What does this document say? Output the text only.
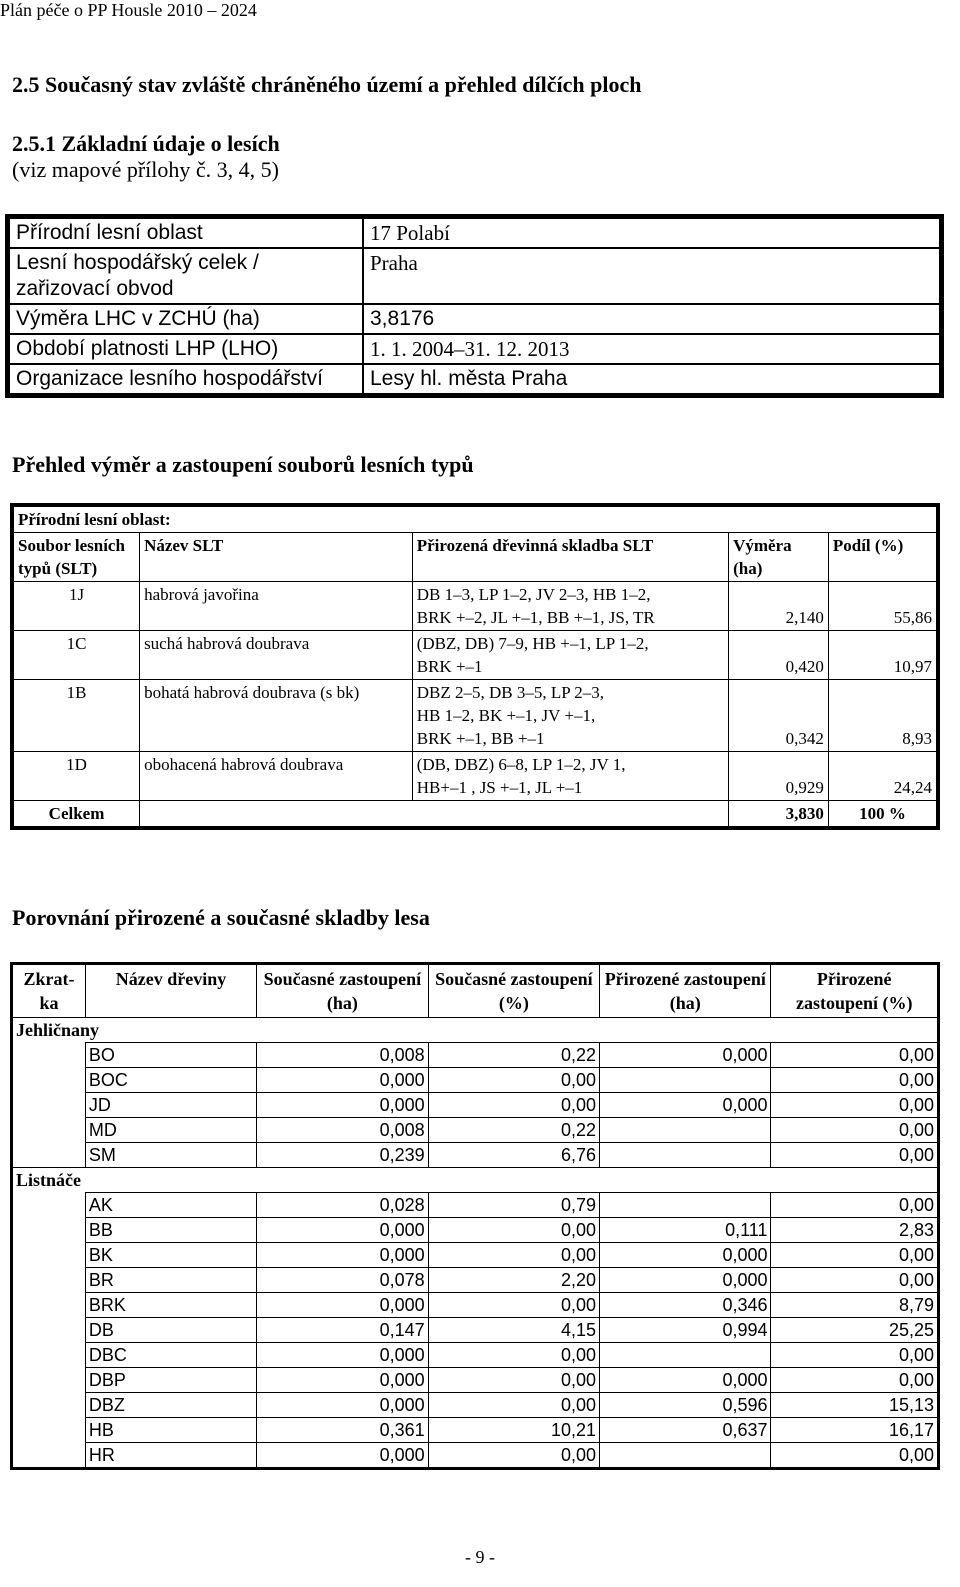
Plán péče o PP Housle 2010 – 2024
2.5 Současný stav zvláště chráněného území a přehled dílčích ploch
2.5.1 Základní údaje o lesích
(viz mapové přílohy č. 3, 4, 5)
Přírodní lesní oblast	17 Polabí
Lesní hospodářský celek / zařizovací obvod	Praha
Výměra LHC v ZCHÚ (ha)	3,8176
Období platnosti LHP (LHO)	1. 1. 2004–31. 12. 2013
Organizace lesního hospodářství	Lesy hl. města Praha
Přehled výměr a zastoupení souborů lesních typů
Přírodní lesní oblast:				
Soubor lesních typů (SLT)	Název SLT	Přirozená dřevinná skladba SLT	Výměra (ha)	Podíl (%)
1J	habrová javořina	DB 1–3, LP 1–2, JV 2–3, HB 1–2,
BRK +–2, JL +–1, BB +–1, JS, TR	2,140	55,86
1C	suchá habrová doubrava	(DBZ, DB) 7–9, HB +–1, LP 1–2,
BRK +–1	0,420	10,97
1B	bohatá habrová doubrava (s bk)	DBZ 2–5, DB 3–5, LP 2–3,
HB 1–2, BK +–1, JV +–1,
BRK +–1, BB +–1	0,342	8,93
1D	obohacená habrová doubrava	(DB, DBZ) 6–8, LP 1–2, JV 1,
HB+–1 , JS +–1, JL +–1	0,929	24,24
Celkem			3,830	100 %
Porovnání přirozené a současné skladby lesa
Zkrat-ka	Název dřeviny	Současné zastoupení (ha)	Současné zastoupení (%)	Přirozené zastoupení (ha)	Přirozené zastoupení (%)
Jehličnany					
	BO	0,008	0,22	0,000	0,00
	BOC	0,000	0,00		0,00
	JD	0,000	0,00	0,000	0,00
	MD	0,008	0,22		0,00
	SM	0,239	6,76		0,00
Listnáče					
	AK	0,028	0,79		0,00
	BB	0,000	0,00	0,111	2,83
	BK	0,000	0,00	0,000	0,00
	BR	0,078	2,20	0,000	0,00
	BRK	0,000	0,00	0,346	8,79
	DB	0,147	4,15	0,994	25,25
	DBC	0,000	0,00		0,00
	DBP	0,000	0,00	0,000	0,00
	DBZ	0,000	0,00	0,596	15,13
	HB	0,361	10,21	0,637	16,17
	HR	0,000	0,00		0,00
- 9 -
